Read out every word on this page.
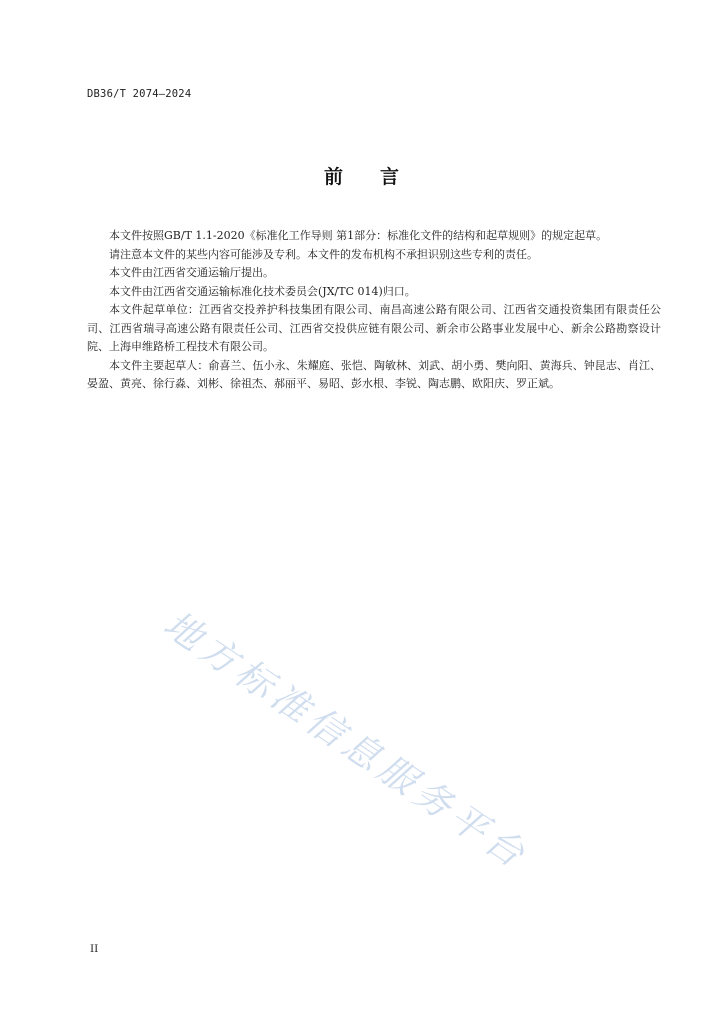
DB36/T 2074—2024
前 言

本文件按照GB/T 1.1-2020《标准化工作导则 第1部分：标准化文件的结构和起草规则》的规定起草。

请注意本文件的某些内容可能涉及专利。本文件的发布机构不承担识别这些专利的责任。

本文件由江西省交通运输厅提出。

本文件由江西省交通运输标准化技术委员会(JX/TC 014)归口。

本文件起草单位：江西省交投养护科技集团有限公司、南昌高速公路有限公司、江西省交通投资集团有限责任公司、江西省瑞寻高速公路有限责任公司、江西省交投供应链有限公司、新余市公路事业发展中心、新余公路勘察设计院、上海申维路桥工程技术有限公司。

本文件主要起草人：俞喜兰、伍小永、朱耀庭、张恺、陶敏林、刘武、胡小勇、樊向阳、黄海兵、钟昆志、肖江、晏盈、黄亮、徐行淼、刘彬、徐祖杰、郝丽平、易昭、彭水根、李锐、陶志鹏、欧阳庆、罗正斌。

地方标准信息服务平台
II
